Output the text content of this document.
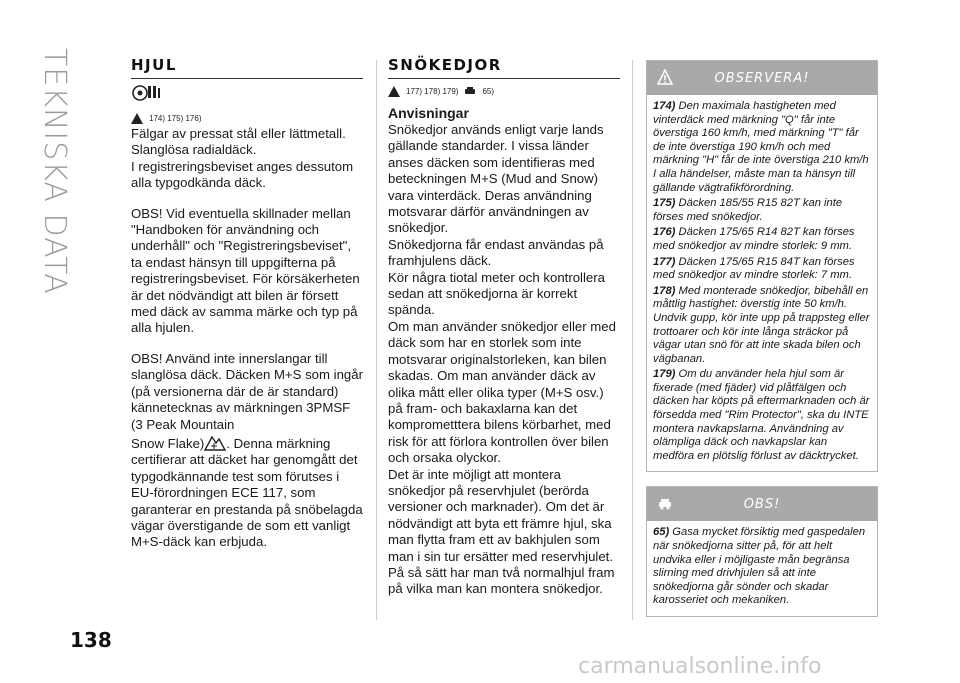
TEKNISKA DATA	HJUL
174) 175) 176)

Fälgar av pressat stål eller lättmetall.

Slanglösa radialdäck.

I registreringsbeviset anges dessutom alla typgodkända däck.

OBS! Vid eventuella skillnader mellan "Handboken för användning och underhåll" och "Registreringsbeviset", ta endast hänsyn till uppgifterna på registreringsbeviset. För körsäkerheten är det nödvändigt att bilen är försett med däck av samma märke och typ på alla hjulen.

OBS! Använd inte innerslangar till slanglösa däck. Däcken M+S som ingår (på versionerna där de är standard) kännetecknas av märkningen 3PMSF (3 Peak Mountain

Snow Flake) . Denna märkning

certifierar att däcket har genomgått det typgodkännande test som förutses i EU-förordningen ECE 117, som garanterar en prestanda på snöbelagda vägar överstigande de som ett vanligt M+S-däck kan erbjuda.

SNÖKEDJOR
177) 178) 179)	65)
Anvisningar

Snökedjor används enligt varje lands gällande standarder. I vissa länder anses däcken som identifieras med beteckningen M+S (Mud and Snow) vara vinterdäck. Deras användning motsvarar därför användningen av snökedjor.

Snökedjorna får endast användas på framhjulens däck.

Kör några tiotal meter och kontrollera sedan att snökedjorna är korrekt spända.

Om man använder snökedjor eller med däck som har en storlek som inte motsvarar originalstorleken, kan bilen skadas. Om man använder däck av olika mått eller olika typer (M+S osv.) på fram- och bakaxlarna kan det komprometttera bilens körbarhet, med risk för att förlora kontrollen över bilen och orsaka olyckor.

Det är inte möjligt att montera snökedjor på reservhjulet (berörda versioner och marknader). Om det är nödvändigt att byta ett främre hjul, ska man flytta fram ett av bakhjulen som man i sin tur ersätter med reservhjulet. På så sätt har man två normalhjul fram på vilka man kan montera snökedjor.

OBSERVERA!

174) Den maximala hastigheten med vinterdäck med märkning "Q" får inte överstiga 160 km/h, med märkning "T" får de inte överstiga 190 km/h och med märkning "H" får de inte överstiga 210 km/h I alla händelser, måste man ta hänsyn till gällande vägtrafikförordning.

175) Däcken 185/55 R15 82T kan inte förses med snökedjor.

176) Däcken 175/65 R14 82T kan förses med snökedjor av mindre storlek: 9 mm.

177) Däcken 175/65 R15 84T kan förses med snökedjor av mindre storlek: 7 mm.

178) Med monterade snökedjor, bibehåll en måttlig hastighet: överstig inte 50 km/h. Undvik gupp, kör inte upp på trappsteg eller trottoarer och kör inte långa sträckor på vägar utan snö för att inte skada bilen och vägbanan.

179) Om du använder hela hjul som är fixerade (med fjäder) vid plåtfälgen och däcken har köpts på eftermarknaden och är försedda med "Rim Protector", ska du INTE montera navkapslarna. Användning av olämpliga däck och navkapslar kan medföra en plötslig förlust av däcktrycket.

OBS!

65) Gasa mycket försiktig med gaspedalen när snökedjorna sitter på, för att helt undvika eller i möjligaste mån begränsa slirning med drivhjulen så att inte snökedjorna går sönder och skadar karosseriet och mekaniken.

138
carmanualsonline.info
